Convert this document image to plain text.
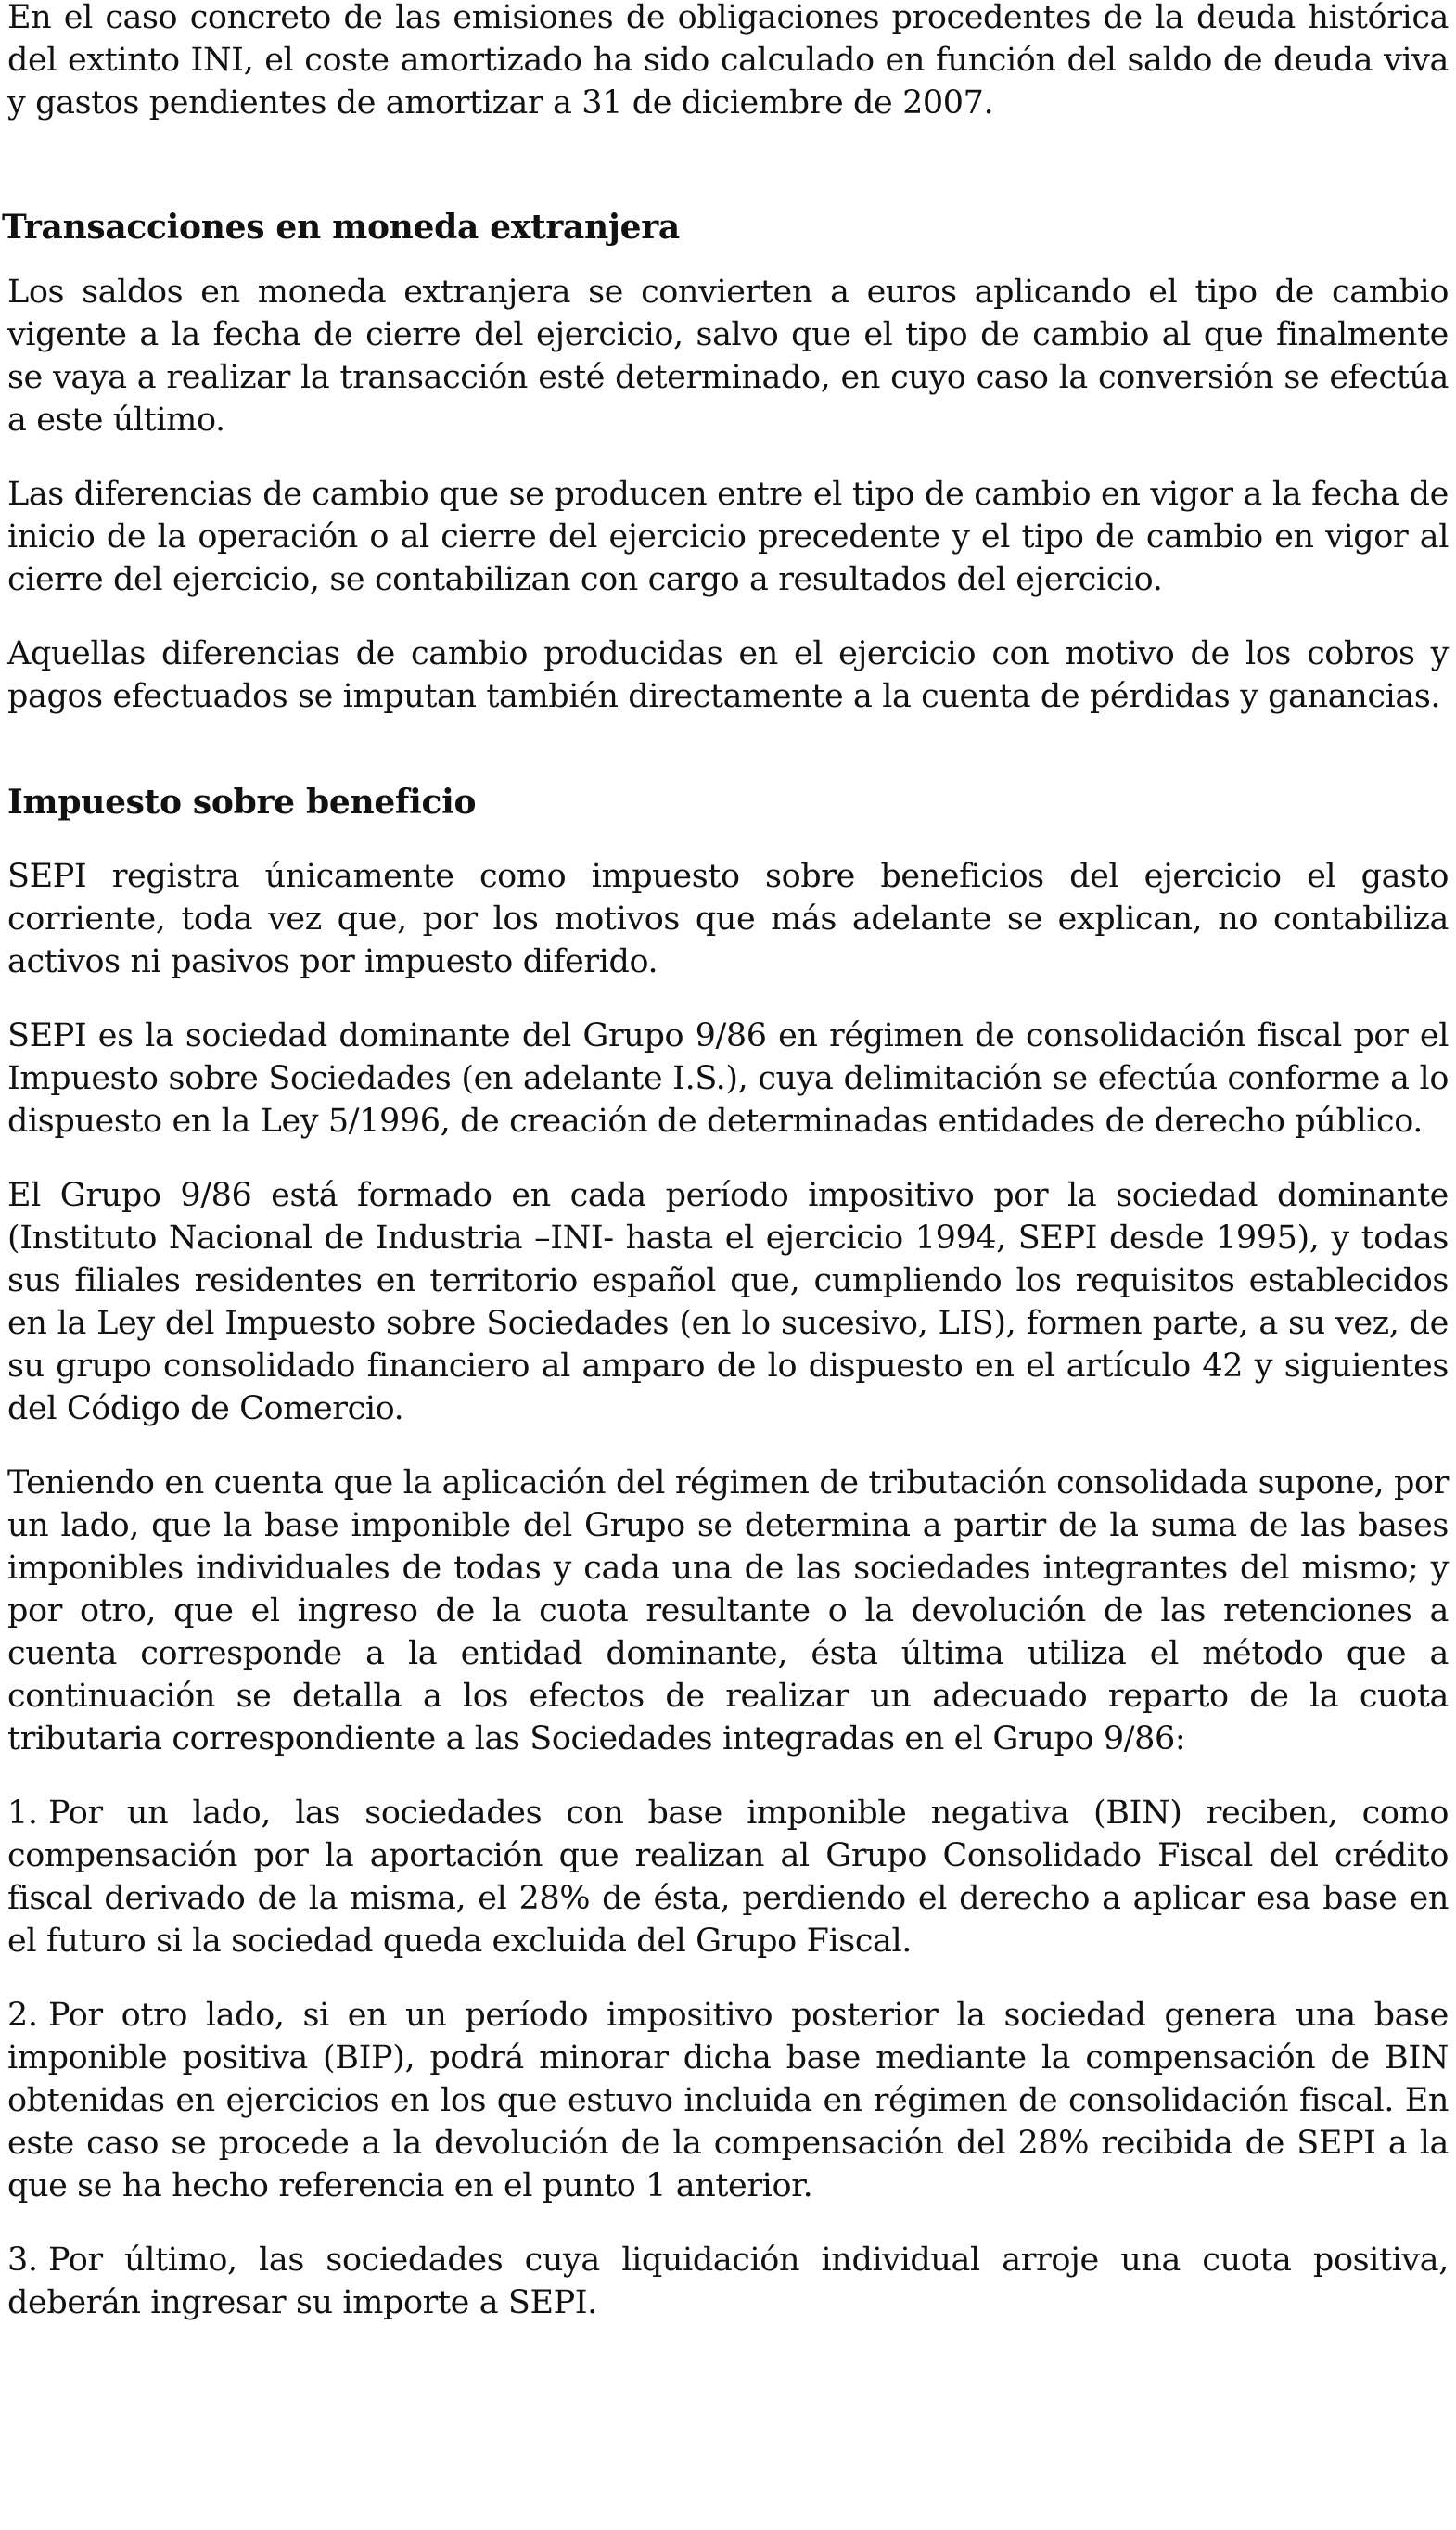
En el caso concreto de las emisiones de obligaciones procedentes de la deuda histórica del extinto INI, el coste amortizado ha sido calculado en función del saldo de deuda viva y gastos pendientes de amortizar a 31 de diciembre de 2007.

Transacciones en moneda extranjera

Los saldos en moneda extranjera se convierten a euros aplicando el tipo de cambio vigente a la fecha de cierre del ejercicio, salvo que el tipo de cambio al que finalmente se vaya a realizar la transacción esté determinado, en cuyo caso la conversión se efectúa a este último.

Las diferencias de cambio que se producen entre el tipo de cambio en vigor a la fecha de inicio de la operación o al cierre del ejercicio precedente y el tipo de cambio en vigor al cierre del ejercicio, se contabilizan con cargo a resultados del ejercicio.

Aquellas diferencias de cambio producidas en el ejercicio con motivo de los cobros y pagos efectuados se imputan también directamente a la cuenta de pérdidas y ganancias.

Impuesto sobre beneficio

SEPI registra únicamente como impuesto sobre beneficios del ejercicio el gasto corriente, toda vez que, por los motivos que más adelante se explican, no contabiliza activos ni pasivos por impuesto diferido.

SEPI es la sociedad dominante del Grupo 9/86 en régimen de consolidación fiscal por el Impuesto sobre Sociedades (en adelante I.S.), cuya delimitación se efectúa conforme a lo dispuesto en la Ley 5/1996, de creación de determinadas entidades de derecho público.

El Grupo 9/86 está formado en cada período impositivo por la sociedad dominante (Instituto Nacional de Industria –INI- hasta el ejercicio 1994, SEPI desde 1995), y todas sus filiales residentes en territorio español que, cumpliendo los requisitos establecidos en la Ley del Impuesto sobre Sociedades (en lo sucesivo, LIS), formen parte, a su vez, de su grupo consolidado financiero al amparo de lo dispuesto en el artículo 42 y siguientes del Código de Comercio.

Teniendo en cuenta que la aplicación del régimen de tributación consolidada supone, por un lado, que la base imponible del Grupo se determina a partir de la suma de las bases imponibles individuales de todas y cada una de las sociedades integrantes del mismo; y por otro, que el ingreso de la cuota resultante o la devolución de las retenciones a cuenta corresponde a la entidad dominante, ésta última utiliza el método que a continuación se detalla a los efectos de realizar un adecuado reparto de la cuota tributaria correspondiente a las Sociedades integradas en el Grupo 9/86:

1. Por un lado, las sociedades con base imponible negativa (BIN) reciben, como compensación por la aportación que realizan al Grupo Consolidado Fiscal del crédito fiscal derivado de la misma, el 28% de ésta, perdiendo el derecho a aplicar esa base en el futuro si la sociedad queda excluida del Grupo Fiscal.

2. Por otro lado, si en un período impositivo posterior la sociedad genera una base imponible positiva (BIP), podrá minorar dicha base mediante la compensación de BIN obtenidas en ejercicios en los que estuvo incluida en régimen de consolidación fiscal. En este caso se procede a la devolución de la compensación del 28% recibida de SEPI a la que se ha hecho referencia en el punto 1 anterior.

3. Por último, las sociedades cuya liquidación individual arroje una cuota positiva, deberán ingresar su importe a SEPI.
